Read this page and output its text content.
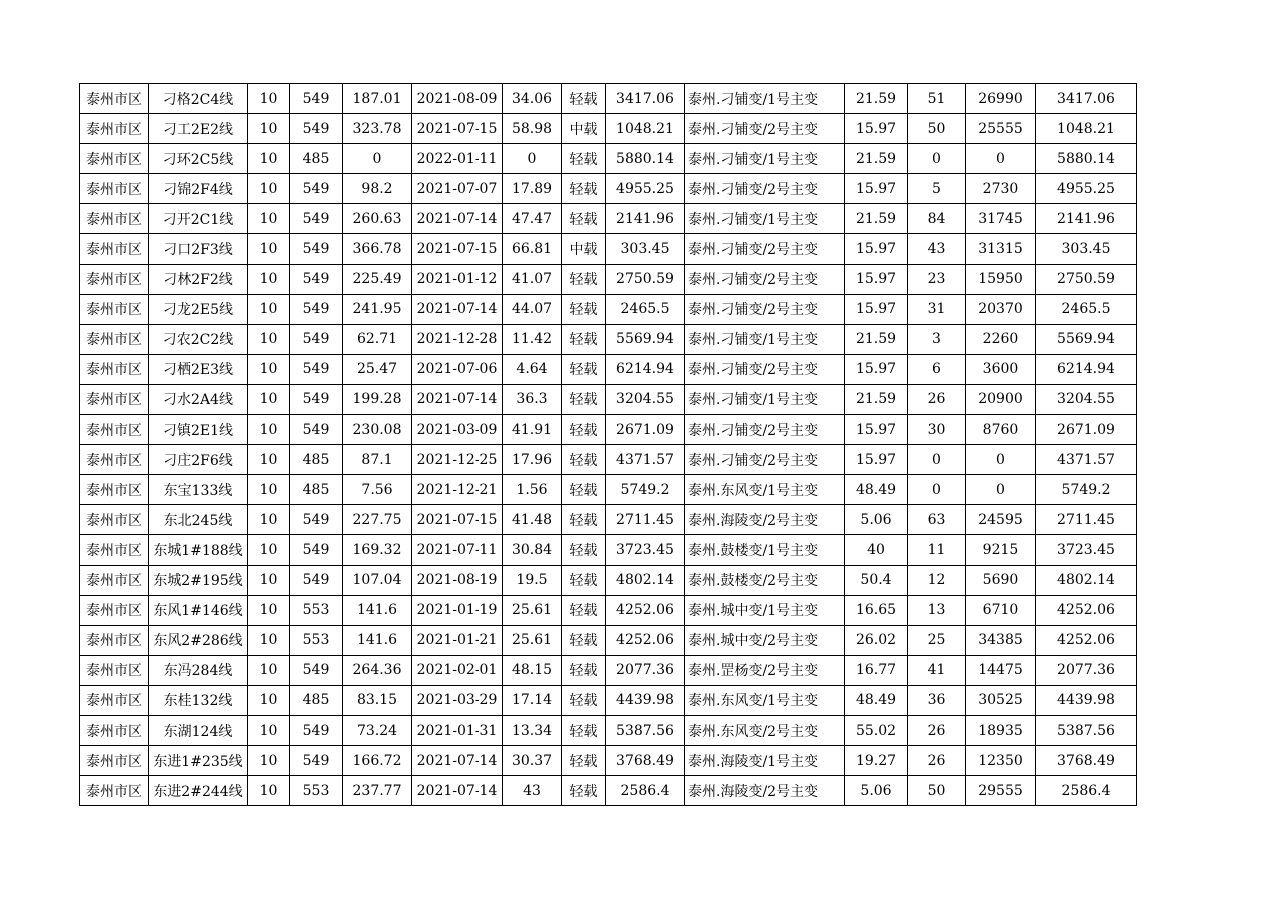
泰州市区	刁格2C4线	10	549	187.01	2021-08-09	34.06	轻载	3417.06	泰州.刁铺变/1号主变	21.59	51	26990	3417.06
泰州市区	刁工2E2线	10	549	323.78	2021-07-15	58.98	中载	1048.21	泰州.刁铺变/2号主变	15.97	50	25555	1048.21
泰州市区	刁环2C5线	10	485	0	2022-01-11	0	轻载	5880.14	泰州.刁铺变/1号主变	21.59	0	0	5880.14
泰州市区	刁锦2F4线	10	549	98.2	2021-07-07	17.89	轻载	4955.25	泰州.刁铺变/2号主变	15.97	5	2730	4955.25
泰州市区	刁开2C1线	10	549	260.63	2021-07-14	47.47	轻载	2141.96	泰州.刁铺变/1号主变	21.59	84	31745	2141.96
泰州市区	刁口2F3线	10	549	366.78	2021-07-15	66.81	中载	303.45	泰州.刁铺变/2号主变	15.97	43	31315	303.45
泰州市区	刁林2F2线	10	549	225.49	2021-01-12	41.07	轻载	2750.59	泰州.刁铺变/2号主变	15.97	23	15950	2750.59
泰州市区	刁龙2E5线	10	549	241.95	2021-07-14	44.07	轻载	2465.5	泰州.刁铺变/2号主变	15.97	31	20370	2465.5
泰州市区	刁农2C2线	10	549	62.71	2021-12-28	11.42	轻载	5569.94	泰州.刁铺变/1号主变	21.59	3	2260	5569.94
泰州市区	刁栖2E3线	10	549	25.47	2021-07-06	4.64	轻载	6214.94	泰州.刁铺变/2号主变	15.97	6	3600	6214.94
泰州市区	刁水2A4线	10	549	199.28	2021-07-14	36.3	轻载	3204.55	泰州.刁铺变/1号主变	21.59	26	20900	3204.55
泰州市区	刁镇2E1线	10	549	230.08	2021-03-09	41.91	轻载	2671.09	泰州.刁铺变/2号主变	15.97	30	8760	2671.09
泰州市区	刁庄2F6线	10	485	87.1	2021-12-25	17.96	轻载	4371.57	泰州.刁铺变/2号主变	15.97	0	0	4371.57
泰州市区	东宝133线	10	485	7.56	2021-12-21	1.56	轻载	5749.2	泰州.东风变/1号主变	48.49	0	0	5749.2
泰州市区	东北245线	10	549	227.75	2021-07-15	41.48	轻载	2711.45	泰州.海陵变/2号主变	5.06	63	24595	2711.45
泰州市区	东城1#188线	10	549	169.32	2021-07-11	30.84	轻载	3723.45	泰州.鼓楼变/1号主变	40	11	9215	3723.45
泰州市区	东城2#195线	10	549	107.04	2021-08-19	19.5	轻载	4802.14	泰州.鼓楼变/2号主变	50.4	12	5690	4802.14
泰州市区	东风1#146线	10	553	141.6	2021-01-19	25.61	轻载	4252.06	泰州.城中变/1号主变	16.65	13	6710	4252.06
泰州市区	东风2#286线	10	553	141.6	2021-01-21	25.61	轻载	4252.06	泰州.城中变/2号主变	26.02	25	34385	4252.06
泰州市区	东冯284线	10	549	264.36	2021-02-01	48.15	轻载	2077.36	泰州.罡杨变/2号主变	16.77	41	14475	2077.36
泰州市区	东桂132线	10	485	83.15	2021-03-29	17.14	轻载	4439.98	泰州.东风变/1号主变	48.49	36	30525	4439.98
泰州市区	东湖124线	10	549	73.24	2021-01-31	13.34	轻载	5387.56	泰州.东风变/2号主变	55.02	26	18935	5387.56
泰州市区	东进1#235线	10	549	166.72	2021-07-14	30.37	轻载	3768.49	泰州.海陵变/1号主变	19.27	26	12350	3768.49
泰州市区	东进2#244线	10	553	237.77	2021-07-14	43	轻载	2586.4	泰州.海陵变/2号主变	5.06	50	29555	2586.4
